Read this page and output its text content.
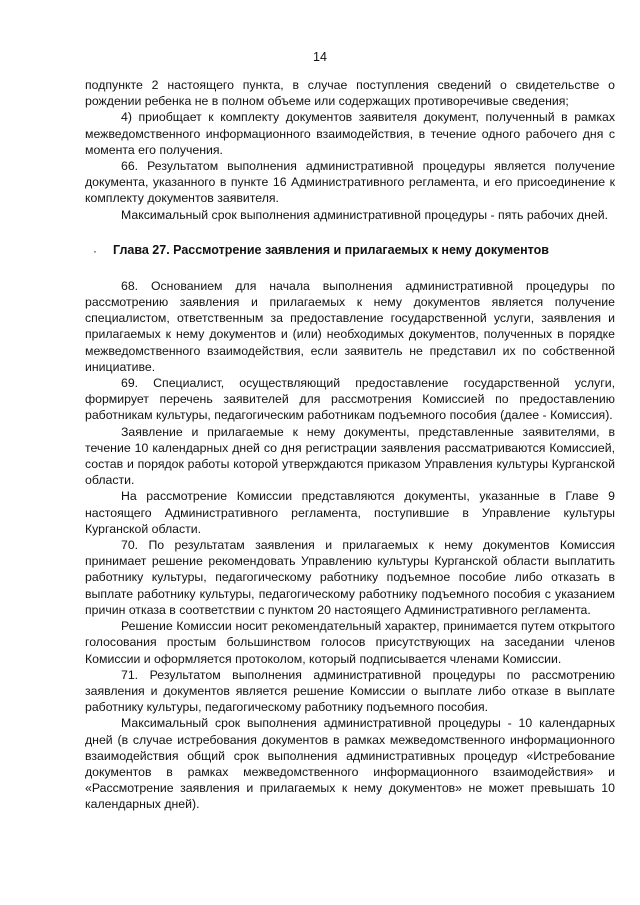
14

подпункте 2 настоящего пункта, в случае поступления сведений о свидетельстве о рождении ребенка не в полном объеме или содержащих противоречивые сведения;

4) приобщает к комплекту документов заявителя документ, полученный в рамках межведомственного информационного взаимодействия, в течение одного рабочего дня с момента его получения.

66. Результатом выполнения административной процедуры является получение документа, указанного в пункте 16 Административного регламента, и его присоединение к комплекту документов заявителя.

Максимальный срок выполнения административной процедуры - пять рабочих дней.

· Глава 27. Рассмотрение заявления и прилагаемых к нему документов

68. Основанием для начала выполнения административной процедуры по рассмотрению заявления и прилагаемых к нему документов является получение специалистом, ответственным за предоставление государственной услуги, заявления и прилагаемых к нему документов и (или) необходимых документов, полученных в порядке межведомственного взаимодействия, если заявитель не представил их по собственной инициативе.

69. Специалист, осуществляющий предоставление государственной услуги, формирует перечень заявителей для рассмотрения Комиссией по предоставлению работникам культуры, педагогическим работникам подъемного пособия (далее - Комиссия).

Заявление и прилагаемые к нему документы, представленные заявителями, в течение 10 календарных дней со дня регистрации заявления рассматриваются Комиссией, состав и порядок работы которой утверждаются приказом Управления культуры Курганской области.

На рассмотрение Комиссии представляются документы, указанные в Главе 9 настоящего Административного регламента, поступившие в Управление культуры Курганской области.

70. По результатам заявления и прилагаемых к нему документов Комиссия принимает решение рекомендовать Управлению культуры Курганской области выплатить работнику культуры, педагогическому работнику подъемное пособие либо отказать в выплате работнику культуры, педагогическому работнику подъемного пособия с указанием причин отказа в соответствии с пунктом 20 настоящего Административного регламента.

Решение Комиссии носит рекомендательный характер, принимается путем открытого голосования простым большинством голосов присутствующих на заседании членов Комиссии и оформляется протоколом, который подписывается членами Комиссии.

71. Результатом выполнения административной процедуры по рассмотрению заявления и документов является решение Комиссии о выплате либо отказе в выплате работнику культуры, педагогическому работнику подъемного пособия.

Максимальный срок выполнения административной процедуры - 10 календарных дней (в случае истребования документов в рамках межведомственного информационного взаимодействия общий срок выполнения административных процедур «Истребование документов в рамках межведомственного информационного взаимодействия» и «Рассмотрение заявления и прилагаемых к нему документов» не может превышать 10 календарных дней).
